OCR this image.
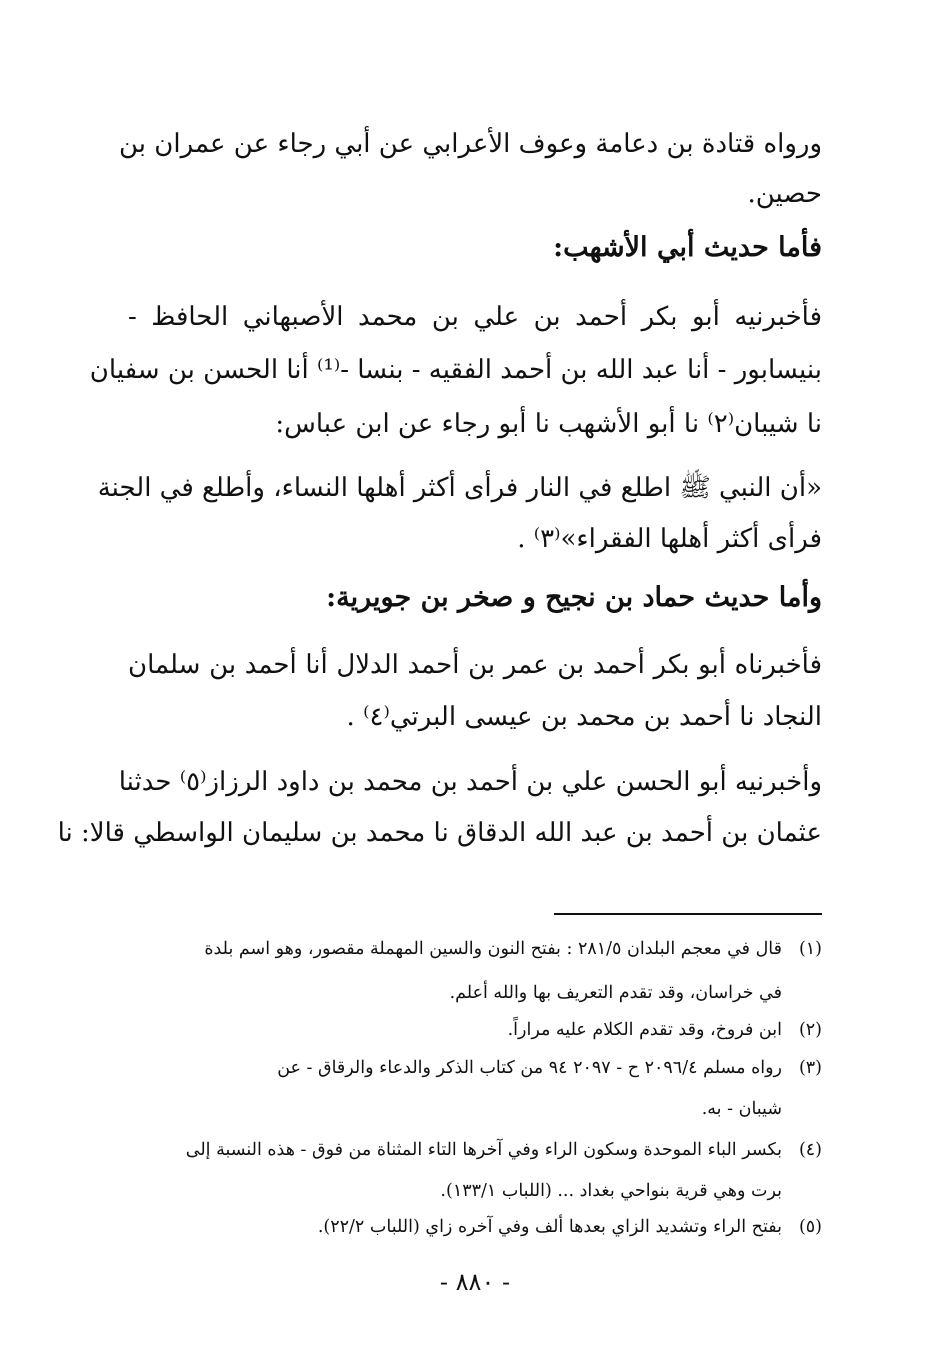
ورواه قتادة بن دعامة وعوف الأعرابي عن أبي رجاء عن عمران بن
حصين.
فأما حديث أبي الأشهب:
فأخبرنيه أبو بكر أحمد بن علي بن محمد الأصبهاني الحافظ -
بنيسابور - أنا عبد الله بن أحمد الفقيه - بنسا -⁽¹⁾ أنا الحسن بن سفيان
نا شيبان⁽٢⁾ نا أبو الأشهب نا أبو رجاء عن ابن عباس:
«أن النبي ﷺ اطلع في النار فرأى أكثر أهلها النساء، وأطلع في الجنة
فرأى أكثر أهلها الفقراء»⁽٣⁾ .
وأما حديث حماد بن نجيح و صخر بن جويرية:
فأخبرناه أبو بكر أحمد بن عمر بن أحمد الدلال أنا أحمد بن سلمان
النجاد نا أحمد بن محمد بن عيسى البرتي⁽٤⁾ .
وأخبرنيه أبو الحسن علي بن أحمد بن محمد بن داود الرزاز⁽٥⁾ حدثنا
عثمان بن أحمد بن عبد الله الدقاق نا محمد بن سليمان الواسطي قالا: نا
(١)قال في معجم البلدان ٢٨١/٥ : بفتح النون والسين المهملة مقصور، وهو اسم بلدة
في خراسان، وقد تقدم التعريف بها والله أعلم.
(٢)ابن فروخ، وقد تقدم الكلام عليه مراراً.
(٣)رواه مسلم ٢٠٩٦/٤ ح - ٢٠٩٧ ٩٤ من كتاب الذكر والدعاء والرقاق - عن
شيبان - به.
(٤)بكسر الباء الموحدة وسكون الراء وفي آخرها التاء المثناة من فوق - هذه النسبة إلى
برت وهي قرية بنواحي بغداد ... (اللباب ١٣٣/١).
(٥)بفتح الراء وتشديد الزاي بعدها ألف وفي آخره زاي (اللباب ٢٢/٢).
- ٨٨٠ -
